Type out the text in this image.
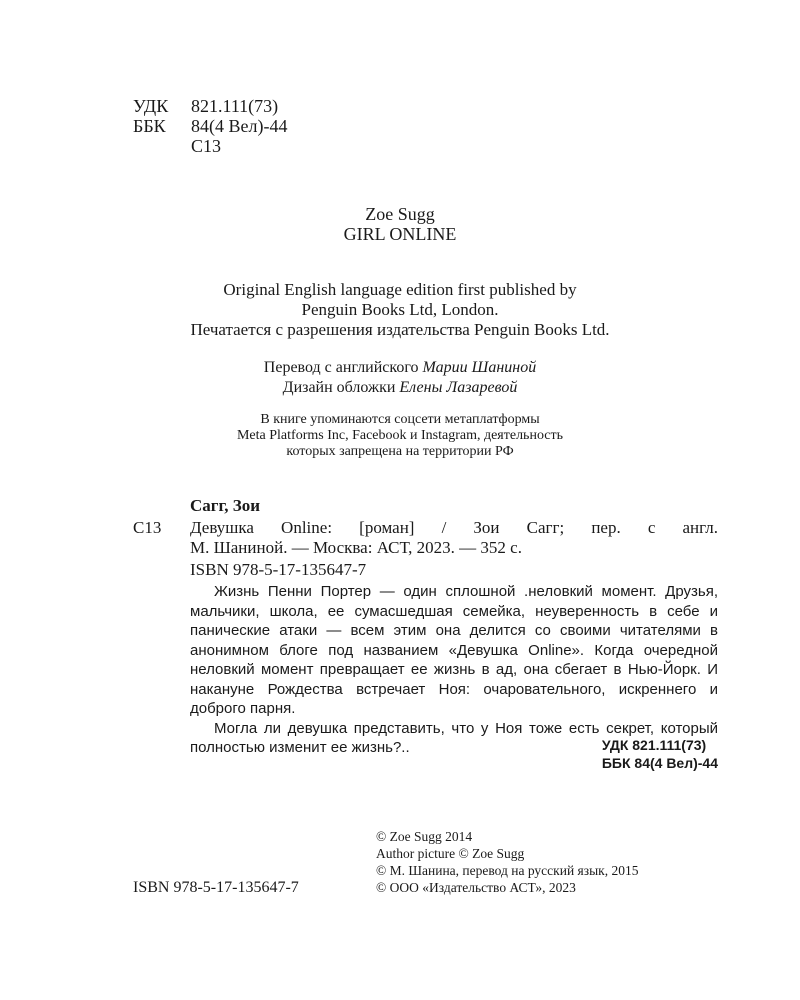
УДК	821.111(73)
ББК	84(4 Вел)-44
С13
Zoe Sugg
GIRL ONLINE
Original English language edition first published by
Penguin Books Ltd, London.
Печатается с разрешения издательства Penguin Books Ltd.
Перевод с английского Марии Шаниной
Дизайн обложки Елены Лазаревой
В книге упоминаются соцсети метаплатформы
Meta Platforms Inc, Facebook и Instagram, деятельность
которых запрещена на территории РФ
Сагг, Зои
С13 Девушка Online: [роман] / Зои Сагг; пер. с англ.
М. Шаниной. — Москва: АСТ, 2023. — 352 с.
ISBN 978-5-17-135647-7

Жизнь Пенни Портер — один сплошной .неловкий момент. Друзья, мальчики, школа, ее сумасшедшая семейка, неуверенность в себе и панические атаки — всем этим она делится со своими читателями в анонимном блоге под названием «Девушка Online». Когда очередной неловкий момент превращает ее жизнь в ад, она сбегает в Нью-Йорк. И накануне Рождества встречает Ноя: очаровательного, искреннего и доброго парня.

Могла ли девушка представить, что у Ноя тоже есть секрет, который полностью изменит ее жизнь?..	УДК 821.111(73)
ББК 84(4 Вел)-44
ISBN 978-5-17-135647-7
© Zoe Sugg 2014
Author picture © Zoe Sugg
© М. Шанина, перевод на русский язык, 2015
© ООО «Издательство АСТ», 2023
